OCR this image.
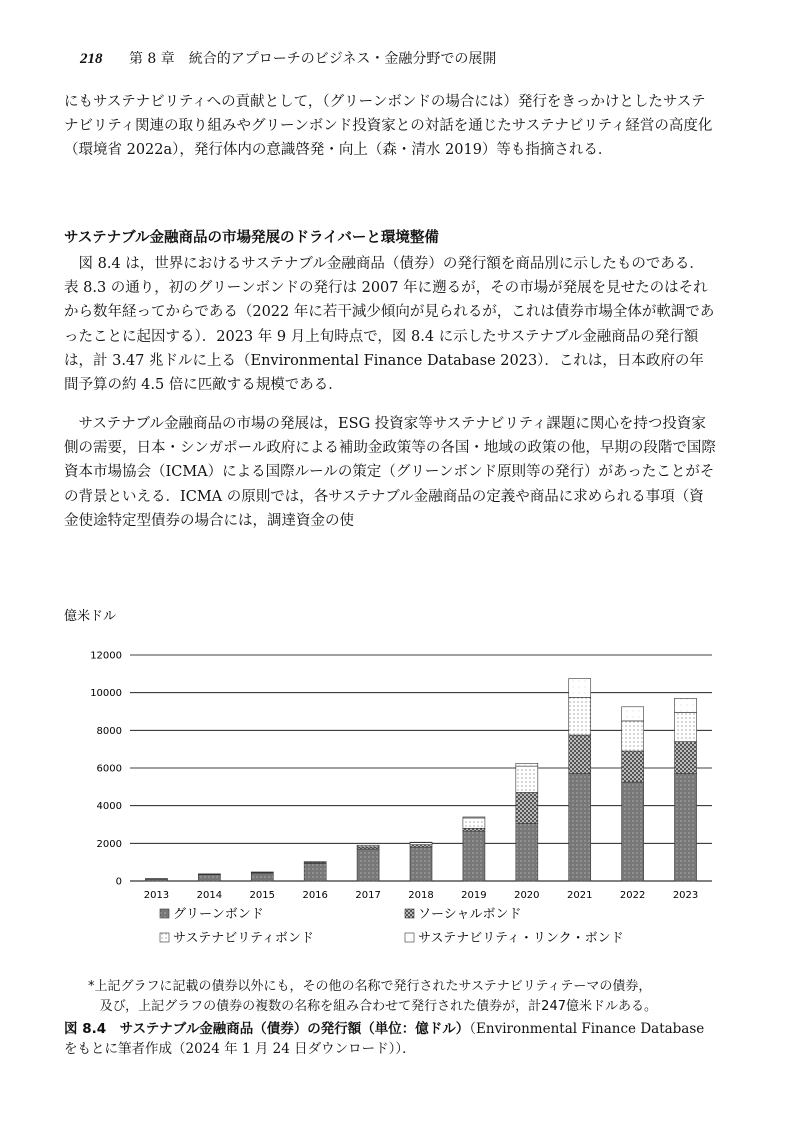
218 第 8 章　統合的アプローチのビジネス・金融分野での展開

にもサステナビリティへの貢献として，（グリーンボンドの場合には）発行をきっかけとしたサステナビリティ関連の取り組みやグリーンボンド投資家との対話を通じたサステナビリティ経営の高度化（環境省 2022a），発行体内の意識啓発・向上（森・清水 2019）等も指摘される．

サステナブル金融商品の市場発展のドライバーと環境整備

図 8.4 は，世界におけるサステナブル金融商品（債券）の発行額を商品別に示したものである．表 8.3 の通り，初のグリーンボンドの発行は 2007 年に遡るが，その市場が発展を見せたのはそれから数年経ってからである（2022 年に若干減少傾向が見られるが，これは債券市場全体が軟調であったことに起因する）．2023 年 9 月上旬時点で，図 8.4 に示したサステナブル金融商品の発行額は，計 3.47 兆ドルに上る（Environmental Finance Database 2023）．これは，日本政府の年間予算の約 4.5 倍に匹敵する規模である．

サステナブル金融商品の市場の発展は，ESG 投資家等サステナビリティ課題に関心を持つ投資家側の需要，日本・シンガポール政府による補助金政策等の各国・地域の政策の他，早期の段階で国際資本市場協会（ICMA）による国際ルールの策定（グリーンボンド原則等の発行）があったことがその背景といえる．ICMA の原則では，各サステナブル金融商品の定義や商品に求められる事項（資金使途特定型債券の場合には，調達資金の使

億米ドル
0
2000
4000
6000
8000
10000
12000
2013	2014	2015	2016	2017	2018	2019	2020	2021	2022	2023
グリーンボンド	ソーシャルボンド
サステナビリティボンド	サステナビリティ・リンク・ボンド
*上記グラフに記載の債券以外にも，その他の名称で発行されたサステナビリティテーマの債券，
及び，上記グラフの債券の複数の名称を組み合わせて発行された債券が，計247億米ドルある。
図 8.4　サステナブル金融商品（債券）の発行額（単位：億ドル）（Environmental Finance Database をもとに筆者作成（2024 年 1 月 24 日ダウンロード））．
